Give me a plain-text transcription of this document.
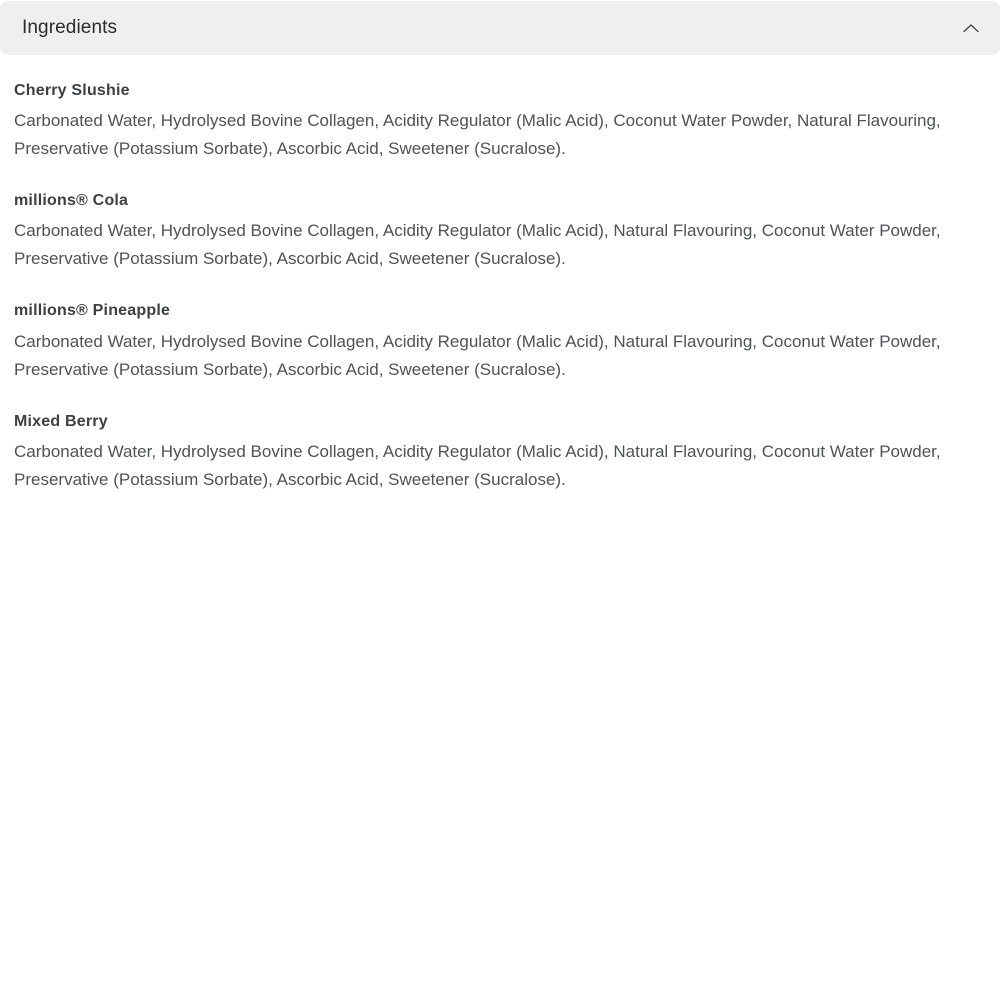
Ingredients
Cherry Slushie

Carbonated Water, Hydrolysed Bovine Collagen, Acidity Regulator (Malic Acid), Coconut Water Powder, Natural Flavouring, Preservative (Potassium Sorbate), Ascorbic Acid, Sweetener (Sucralose).

millions® Cola

Carbonated Water, Hydrolysed Bovine Collagen, Acidity Regulator (Malic Acid), Natural Flavouring, Coconut Water Powder, Preservative (Potassium Sorbate), Ascorbic Acid, Sweetener (Sucralose).

millions® Pineapple

Carbonated Water, Hydrolysed Bovine Collagen, Acidity Regulator (Malic Acid), Natural Flavouring, Coconut Water Powder, Preservative (Potassium Sorbate), Ascorbic Acid, Sweetener (Sucralose).

Mixed Berry

Carbonated Water, Hydrolysed Bovine Collagen, Acidity Regulator (Malic Acid), Natural Flavouring, Coconut Water Powder, Preservative (Potassium Sorbate), Ascorbic Acid, Sweetener (Sucralose).
